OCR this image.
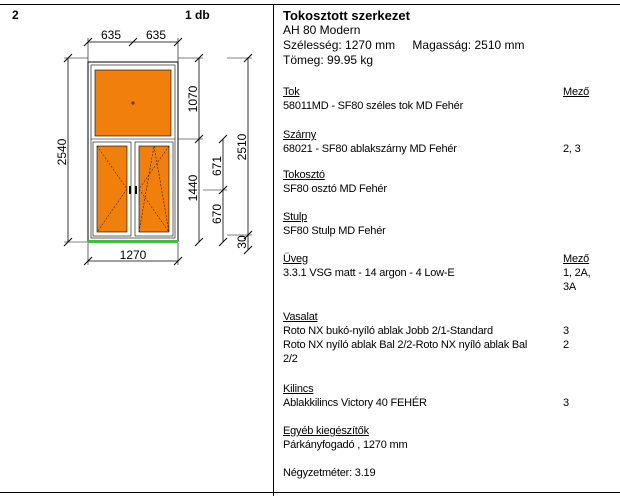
2	1 db
635 635
2540
1070
1440
671
670
2510
30
1270
Tokosztott szerkezet
AH 80 Modern
Szélesség: 1270 mm Magasság: 2510 mm
Tömeg: 99.95 kg
Tok	Mező
58011MD - SF80 széles tok MD Fehér
Szárny
68021 - SF80 ablakszárny MD Fehér	2, 3
Tokosztó
SF80 osztó MD Fehér
Stulp
SF80 Stulp MD Fehér
Üveg	Mező
3.3.1 VSG matt - 14 argon - 4 Low-E	1, 2A,
3A
Vasalat
Roto NX bukó-nyíló ablak Jobb 2/1-Standard	3
Roto NX nyíló ablak Bal 2/2-Roto NX nyíló ablak Bal	2
2/2
Kilincs
Ablakkilincs Victory 40 FEHÉR	3
Egyéb kiegészítők
Párkányfogadó , 1270 mm
Négyzetméter: 3.19
